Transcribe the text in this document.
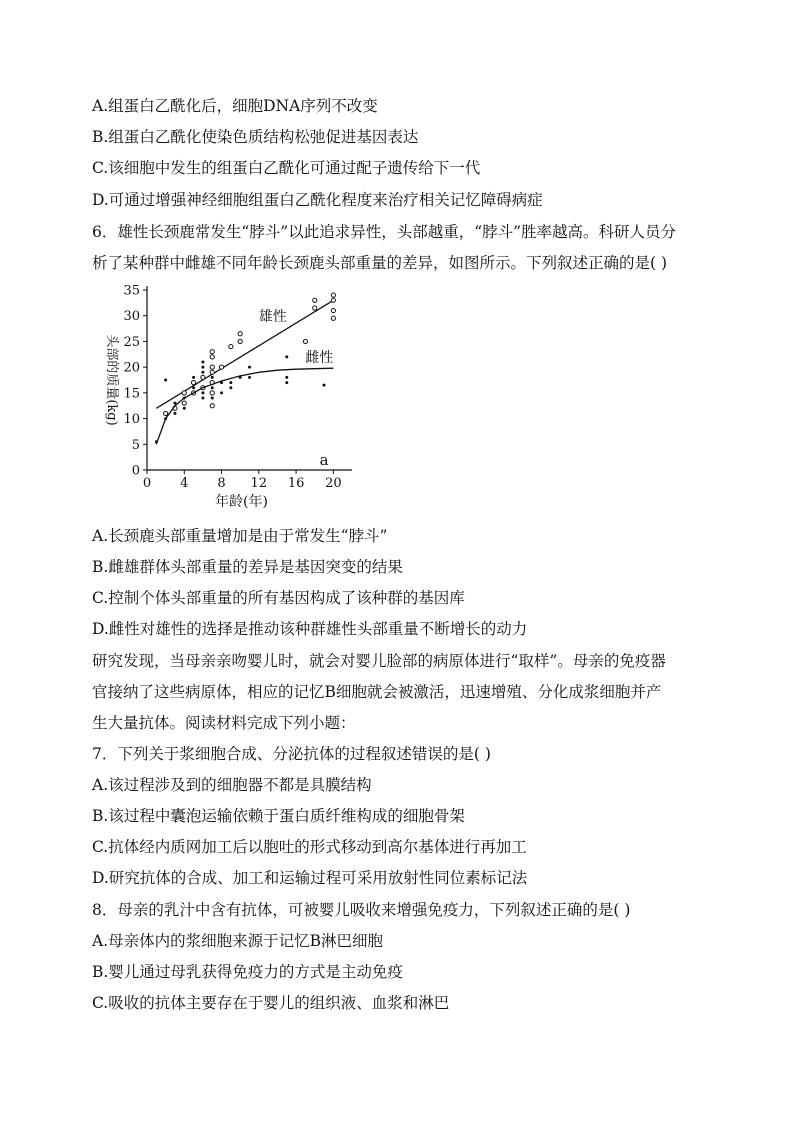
A.组蛋白乙酰化后，细胞DNA序列不改变
B.组蛋白乙酰化使染色质结构松弛促进基因表达
C.该细胞中发生的组蛋白乙酰化可通过配子遗传给下一代
D.可通过增强神经细胞组蛋白乙酰化程度来治疗相关记忆障碍病症
6．雄性长颈鹿常发生“脖斗”以此追求异性，头部越重，“脖斗”胜率越高。科研人员分
析了某种群中雌雄不同年龄长颈鹿头部重量的差异，如图所示。下列叙述正确的是( )
0 4 8 12 16 20
0
5
10
15
20
25
30
35
年龄(年)
头部的质量(kg)
a
雄性
雌性
A.长颈鹿头部重量增加是由于常发生“脖斗”
B.雌雄群体头部重量的差异是基因突变的结果
C.控制个体头部重量的所有基因构成了该种群的基因库
D.雌性对雄性的选择是推动该种群雄性头部重量不断增长的动力
研究发现，当母亲亲吻婴儿时，就会对婴儿脸部的病原体进行“取样”。母亲的免疫器
官接纳了这些病原体，相应的记忆B细胞就会被激活，迅速增殖、分化成浆细胞并产
生大量抗体。阅读材料完成下列小题：
7．下列关于浆细胞合成、分泌抗体的过程叙述错误的是( )
A.该过程涉及到的细胞器不都是具膜结构
B.该过程中囊泡运输依赖于蛋白质纤维构成的细胞骨架
C.抗体经内质网加工后以胞吐的形式移动到高尔基体进行再加工
D.研究抗体的合成、加工和运输过程可采用放射性同位素标记法
8．母亲的乳汁中含有抗体，可被婴儿吸收来增强免疫力，下列叙述正确的是( )
A.母亲体内的浆细胞来源于记忆B淋巴细胞
B.婴儿通过母乳获得免疫力的方式是主动免疫
C.吸收的抗体主要存在于婴儿的组织液、血浆和淋巴
